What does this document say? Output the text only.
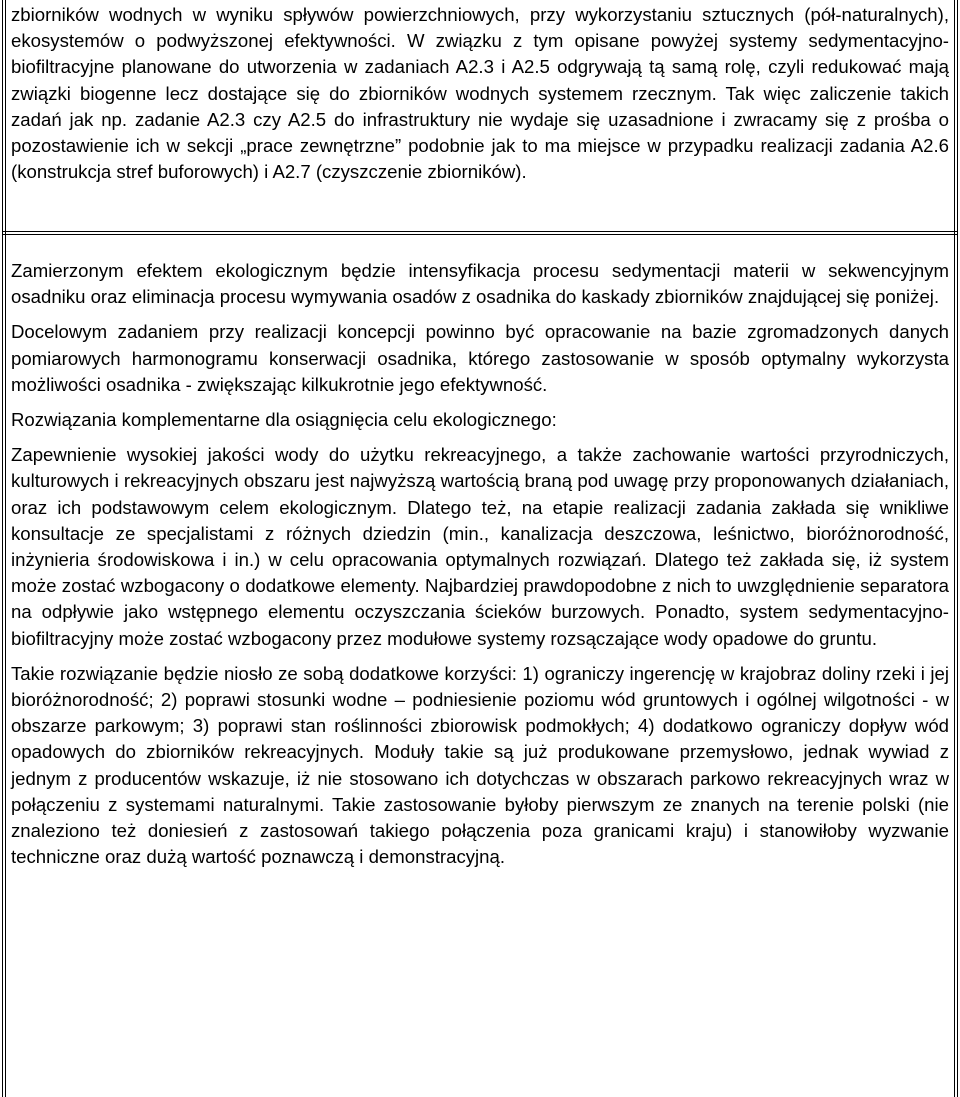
zbiorników wodnych w wyniku spływów powierzchniowych, przy wykorzystaniu sztucznych (pół-naturalnych), ekosystemów o podwyższonej efektywności. W związku z tym opisane powyżej systemy sedymentacyjno-biofiltracyjne planowane do utworzenia w zadaniach A2.3 i A2.5 odgrywają tą samą rolę, czyli redukować mają związki biogenne lecz dostające się do zbiorników wodnych systemem rzecznym. Tak więc zaliczenie takich zadań jak np. zadanie A2.3 czy A2.5 do infrastruktury nie wydaje się uzasadnione i zwracamy się z prośba o pozostawienie ich w sekcji „prace zewnętrzne” podobnie jak to ma miejsce w przypadku realizacji zadania A2.6 (konstrukcja stref buforowych) i A2.7 (czyszczenie zbiorników).

Zamierzonym efektem ekologicznym będzie intensyfikacja procesu sedymentacji materii w sekwencyjnym osadniku oraz eliminacja procesu wymywania osadów z osadnika do kaskady zbiorników znajdującej się poniżej.

Docelowym zadaniem przy realizacji koncepcji powinno być opracowanie na bazie zgromadzonych danych pomiarowych harmonogramu konserwacji osadnika, którego zastosowanie w sposób optymalny wykorzysta możliwości osadnika - zwiększając kilkukrotnie jego efektywność.

Rozwiązania komplementarne dla osiągnięcia celu ekologicznego:

Zapewnienie wysokiej jakości wody do użytku rekreacyjnego, a także zachowanie wartości przyrodniczych, kulturowych i rekreacyjnych obszaru jest najwyższą wartością braną pod uwagę przy proponowanych działaniach, oraz ich podstawowym celem ekologicznym. Dlatego też, na etapie realizacji zadania zakłada się wnikliwe konsultacje ze specjalistami z różnych dziedzin (min., kanalizacja deszczowa, leśnictwo, bioróżnorodność, inżynieria środowiskowa i in.) w celu opracowania optymalnych rozwiązań. Dlatego też zakłada się, iż system może zostać wzbogacony o dodatkowe elementy. Najbardziej prawdopodobne z nich to uwzględnienie separatora na odpływie jako wstępnego elementu oczyszczania ścieków burzowych. Ponadto, system sedymentacyjno-biofiltracyjny może zostać wzbogacony przez modułowe systemy rozsączające wody opadowe do gruntu.

Takie rozwiązanie będzie niosło ze sobą dodatkowe korzyści: 1) ograniczy ingerencję w krajobraz doliny rzeki i jej bioróżnorodność; 2) poprawi stosunki wodne – podniesienie poziomu wód gruntowych i ogólnej wilgotności - w obszarze parkowym; 3) poprawi stan roślinności zbiorowisk podmokłych; 4) dodatkowo ograniczy dopływ wód opadowych do zbiorników rekreacyjnych. Moduły takie są już produkowane przemysłowo, jednak wywiad z jednym z producentów wskazuje, iż nie stosowano ich dotychczas w obszarach parkowo rekreacyjnych wraz w połączeniu z systemami naturalnymi. Takie zastosowanie byłoby pierwszym ze znanych na terenie polski (nie znaleziono też doniesień z zastosowań takiego połączenia poza granicami kraju) i stanowiłoby wyzwanie techniczne oraz dużą wartość poznawczą i demonstracyjną.
